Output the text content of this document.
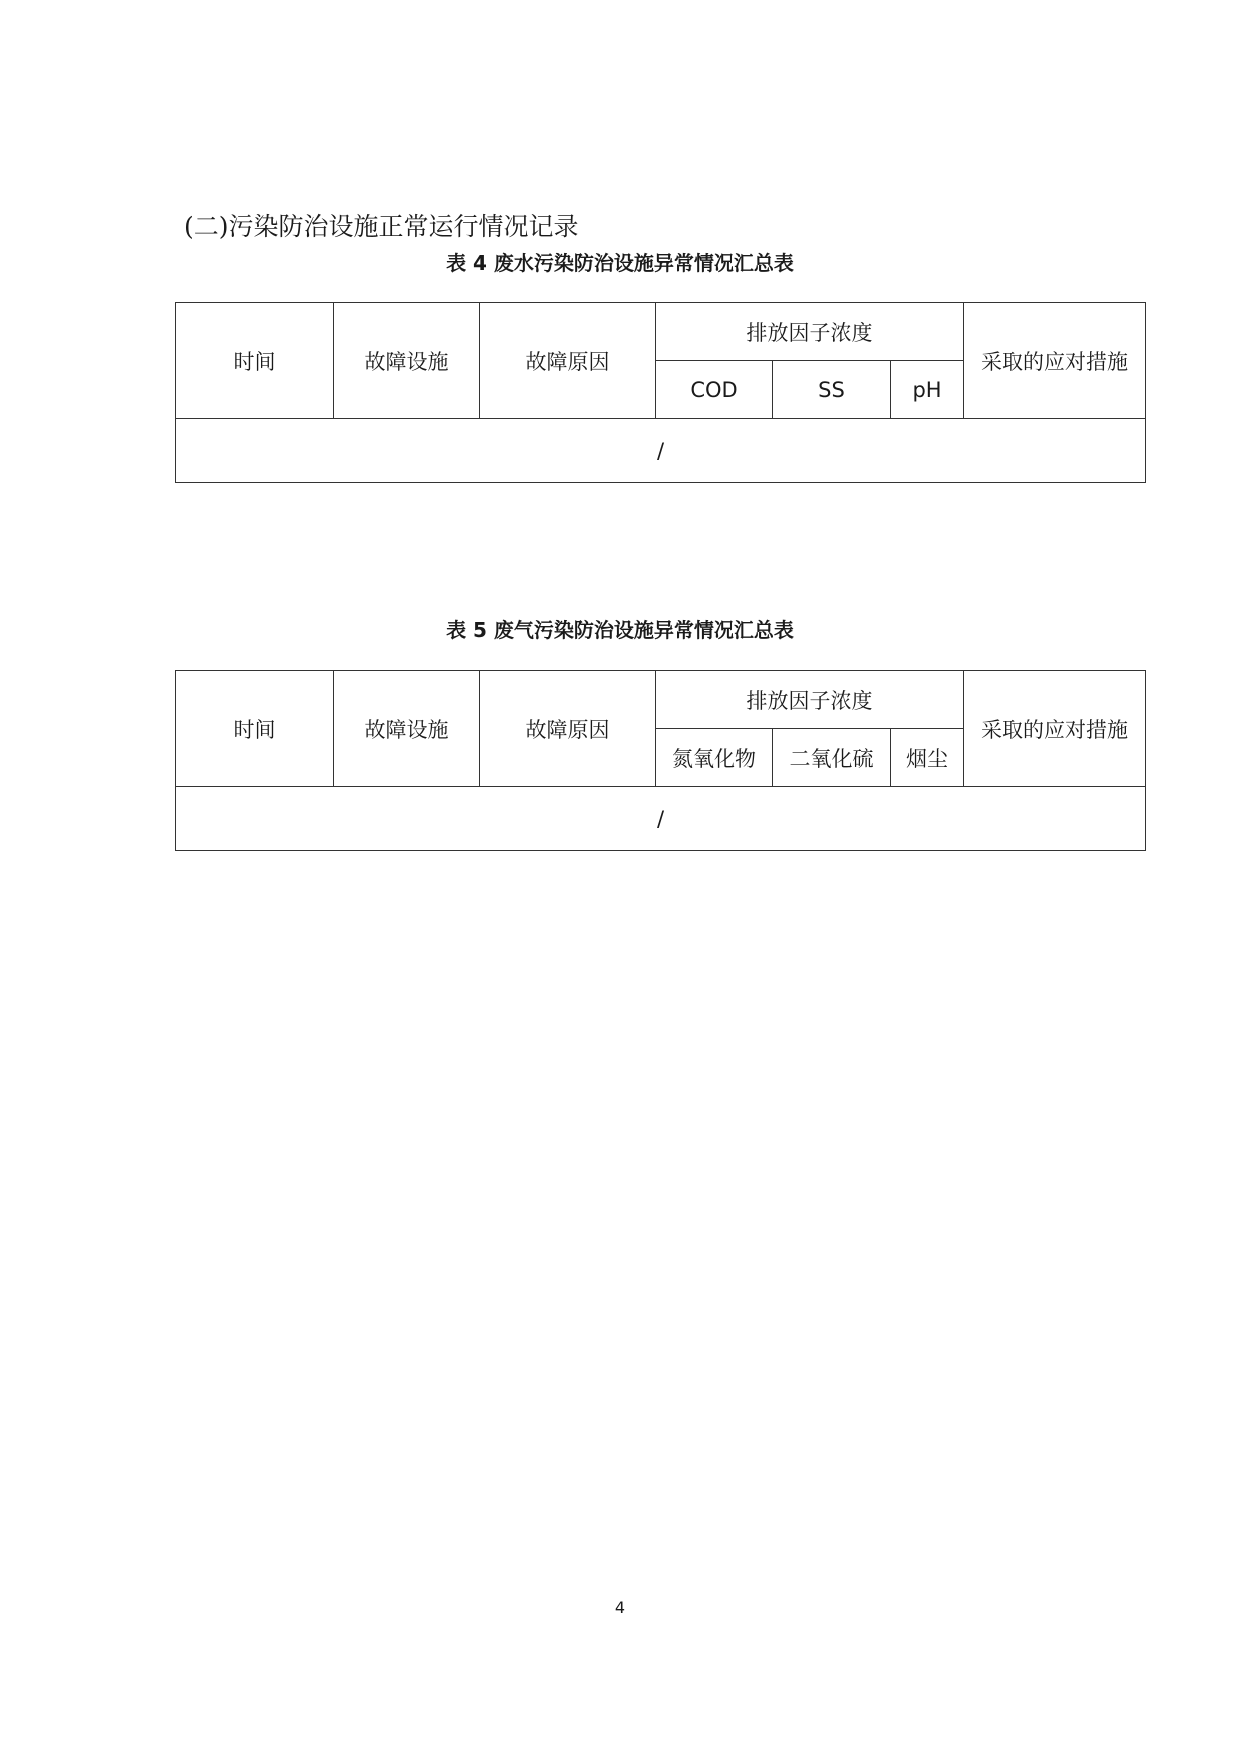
(二)污染防治设施正常运行情况记录
表 4 废水污染防治设施异常情况汇总表
时间	故障设施	故障原因	排放因子浓度			采取的应对措施
			COD	SS	pH	
/						
表 5 废气污染防治设施异常情况汇总表
时间	故障设施	故障原因	排放因子浓度			采取的应对措施
			氮氧化物	二氧化硫	烟尘	
/						
4
